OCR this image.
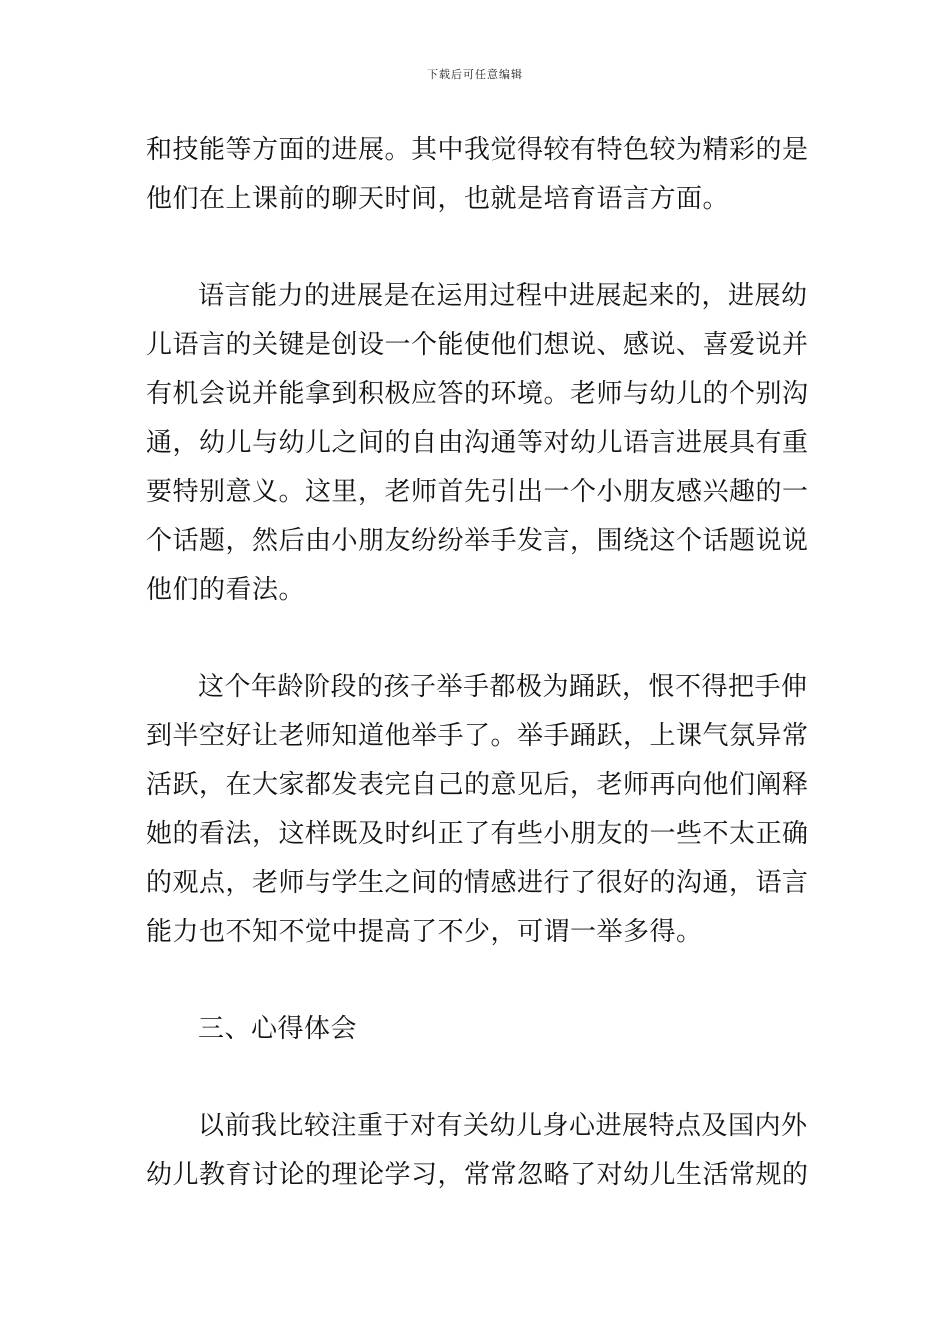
下载后可任意编辑
和技能等方面的进展。其中我觉得较有特色较为精彩的是
他们在上课前的聊天时间，也就是培育语言方面。
语言能力的进展是在运用过程中进展起来的，进展幼
儿语言的关键是创设一个能使他们想说、感说、喜爱说并
有机会说并能拿到积极应答的环境。老师与幼儿的个别沟
通，幼儿与幼儿之间的自由沟通等对幼儿语言进展具有重
要特别意义。这里，老师首先引出一个小朋友感兴趣的一
个话题，然后由小朋友纷纷举手发言，围绕这个话题说说
他们的看法。
这个年龄阶段的孩子举手都极为踊跃，恨不得把手伸
到半空好让老师知道他举手了。举手踊跃，上课气氛异常
活跃，在大家都发表完自己的意见后，老师再向他们阐释
她的看法，这样既及时纠正了有些小朋友的一些不太正确
的观点，老师与学生之间的情感进行了很好的沟通，语言
能力也不知不觉中提高了不少，可谓一举多得。
三、心得体会
以前我比较注重于对有关幼儿身心进展特点及国内外
幼儿教育讨论的理论学习，常常忽略了对幼儿生活常规的
